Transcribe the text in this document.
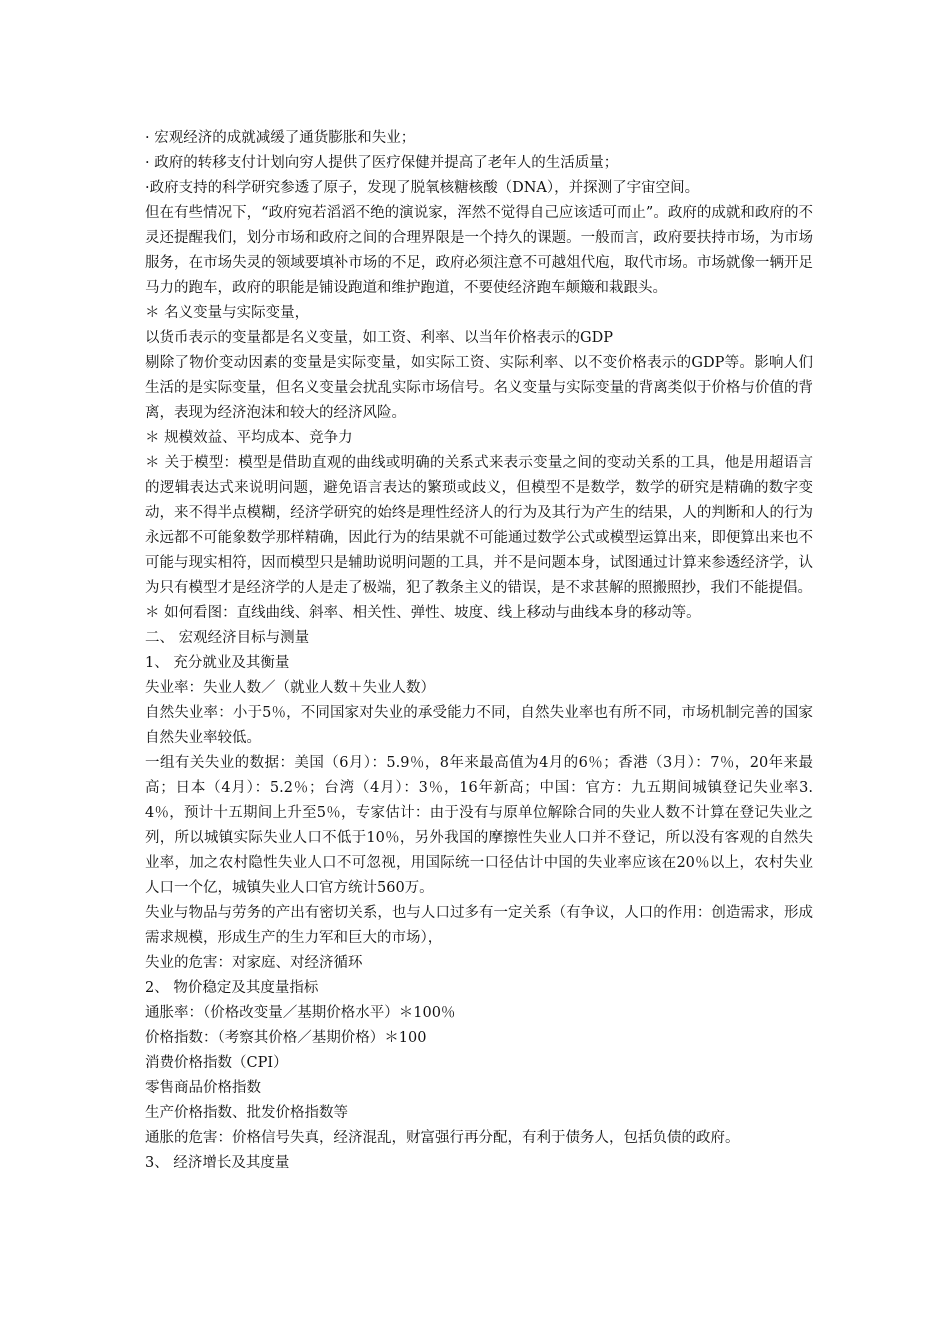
· 宏观经济的成就减缓了通货膨胀和失业；

· 政府的转移支付计划向穷人提供了医疗保健并提高了老年人的生活质量；

·政府支持的科学研究参透了原子，发现了脱氧核糖核酸（DNA），并探测了宇宙空间。

但在有些情况下，“政府宛若滔滔不绝的演说家，浑然不觉得自己应该适可而止”。政府的成就和政府的不灵还提醒我们，划分市场和政府之间的合理界限是一个持久的课题。一般而言，政府要扶持市场，为市场服务，在市场失灵的领域要填补市场的不足，政府必须注意不可越俎代庖，取代市场。市场就像一辆开足马力的跑车，政府的职能是铺设跑道和维护跑道，不要使经济跑车颠簸和栽跟头。

＊ 名义变量与实际变量，

以货币表示的变量都是名义变量，如工资、利率、以当年价格表示的GDP

剔除了物价变动因素的变量是实际变量，如实际工资、实际利率、以不变价格表示的GDP等。影响人们生活的是实际变量，但名义变量会扰乱实际市场信号。名义变量与实际变量的背离类似于价格与价值的背离，表现为经济泡沫和较大的经济风险。

＊ 规模效益、平均成本、竞争力

＊ 关于模型：模型是借助直观的曲线或明确的关系式来表示变量之间的变动关系的工具，他是用超语言的逻辑表达式来说明问题，避免语言表达的繁琐或歧义，但模型不是数学，数学的研究是精确的数字变动，来不得半点模糊，经济学研究的始终是理性经济人的行为及其行为产生的结果，人的判断和人的行为永远都不可能象数学那样精确，因此行为的结果就不可能通过数学公式或模型运算出来，即便算出来也不可能与现实相符，因而模型只是辅助说明问题的工具，并不是问题本身，试图通过计算来参透经济学，认为只有模型才是经济学的人是走了极端，犯了教条主义的错误，是不求甚解的照搬照抄，我们不能提倡。

＊ 如何看图：直线曲线、斜率、相关性、弹性、坡度、线上移动与曲线本身的移动等。

二、 宏观经济目标与测量

1、 充分就业及其衡量

失业率：失业人数／（就业人数＋失业人数）

自然失业率：小于5％，不同国家对失业的承受能力不同，自然失业率也有所不同，市场机制完善的国家自然失业率较低。

一组有关失业的数据：美国（6月）：5.9％，8年来最高值为4月的6％；香港（3月）：7％，20年来最高；日本（4月）：5.2％；台湾（4月）：3％，16年新高；中国：官方：九五期间城镇登记失业率3.4％，预计十五期间上升至5％，专家估计：由于没有与原单位解除合同的失业人数不计算在登记失业之列，所以城镇实际失业人口不低于10％，另外我国的摩擦性失业人口并不登记，所以没有客观的自然失业率，加之农村隐性失业人口不可忽视，用国际统一口径估计中国的失业率应该在20％以上，农村失业人口一个亿，城镇失业人口官方统计560万。

失业与物品与劳务的产出有密切关系，也与人口过多有一定关系（有争议，人口的作用：创造需求，形成需求规模，形成生产的生力军和巨大的市场），

失业的危害：对家庭、对经济循环

2、 物价稳定及其度量指标

通胀率：（价格改变量／基期价格水平）＊100％

价格指数：（考察其价格／基期价格）＊100

消费价格指数（CPI）

零售商品价格指数

生产价格指数、批发价格指数等

通胀的危害：价格信号失真，经济混乱，财富强行再分配，有利于债务人，包括负债的政府。

3、 经济增长及其度量
